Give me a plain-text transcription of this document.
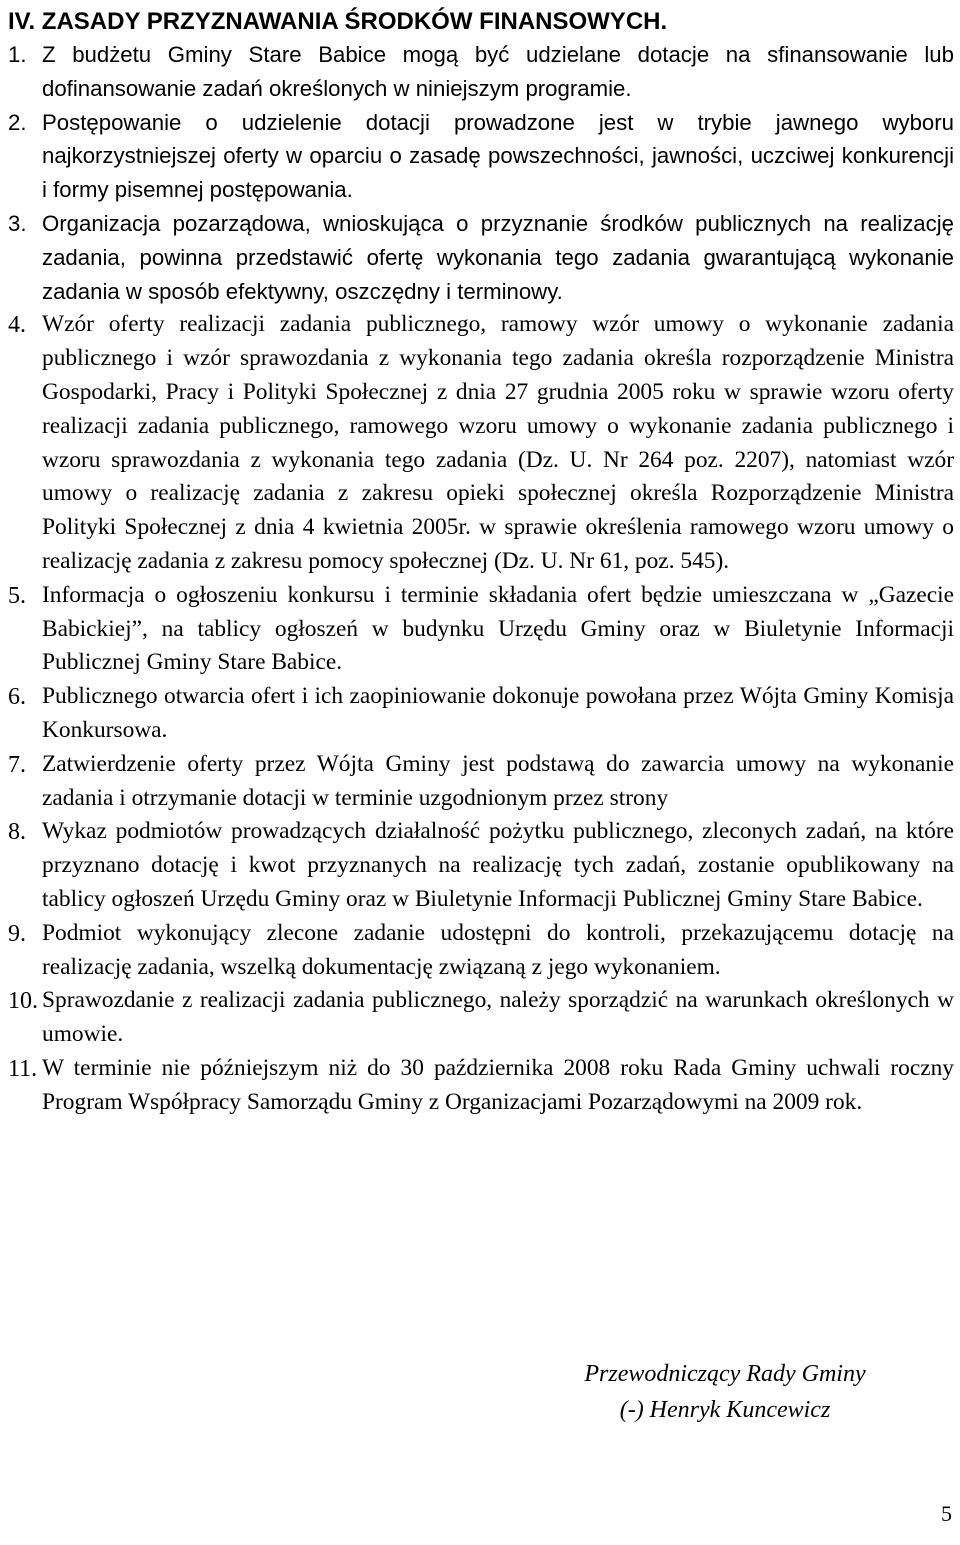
IV. ZASADY PRZYZNAWANIA ŚRODKÓW FINANSOWYCH.
1. Z budżetu Gminy Stare Babice mogą być udzielane dotacje na sfinansowanie lub dofinansowanie zadań określonych w niniejszym programie.
2. Postępowanie o udzielenie dotacji prowadzone jest w trybie jawnego wyboru najkorzystniejszej oferty w oparciu o zasadę powszechności, jawności, uczciwej konkurencji i formy pisemnej postępowania.
3. Organizacja pozarządowa, wnioskująca o przyznanie środków publicznych na realizację zadania, powinna przedstawić ofertę wykonania tego zadania gwarantującą wykonanie zadania w sposób efektywny, oszczędny i terminowy.
4. Wzór oferty realizacji zadania publicznego, ramowy wzór umowy o wykonanie zadania publicznego i wzór sprawozdania z wykonania tego zadania określa rozporządzenie Ministra Gospodarki, Pracy i Polityki Społecznej z dnia 27 grudnia 2005 roku w sprawie wzoru oferty realizacji zadania publicznego, ramowego wzoru umowy o wykonanie zadania publicznego i wzoru sprawozdania z wykonania tego zadania (Dz. U. Nr 264 poz. 2207), natomiast wzór umowy o realizację zadania z zakresu opieki społecznej określa Rozporządzenie Ministra Polityki Społecznej z dnia 4 kwietnia 2005r. w sprawie określenia ramowego wzoru umowy o realizację zadania z zakresu pomocy społecznej (Dz. U. Nr 61, poz. 545).
5. Informacja o ogłoszeniu konkursu i terminie składania ofert będzie umieszczana w „Gazecie Babickiej”, na tablicy ogłoszeń w budynku Urzędu Gminy oraz w Biuletynie Informacji Publicznej Gminy Stare Babice.
6. Publicznego otwarcia ofert i ich zaopiniowanie dokonuje powołana przez Wójta Gminy Komisja Konkursowa.
7. Zatwierdzenie oferty przez Wójta Gminy jest podstawą do zawarcia umowy na wykonanie zadania i otrzymanie dotacji w terminie uzgodnionym przez strony
8. Wykaz podmiotów prowadzących działalność pożytku publicznego, zleconych zadań, na które przyznano dotację i kwot przyznanych na realizację tych zadań, zostanie opublikowany na tablicy ogłoszeń Urzędu Gminy oraz w Biuletynie Informacji Publicznej Gminy Stare Babice.
9. Podmiot wykonujący zlecone zadanie udostępni do kontroli, przekazującemu dotację na realizację zadania, wszelką dokumentację związaną z jego wykonaniem.
10. Sprawozdanie z realizacji zadania publicznego, należy sporządzić na warunkach określonych w umowie.
11. W terminie nie późniejszym niż do 30 października 2008 roku Rada Gminy uchwali roczny Program Współpracy Samorządu Gminy z Organizacjami Pozarządowymi na 2009 rok.
Przewodniczący Rady Gminy
(-) Henryk Kuncewicz
5
